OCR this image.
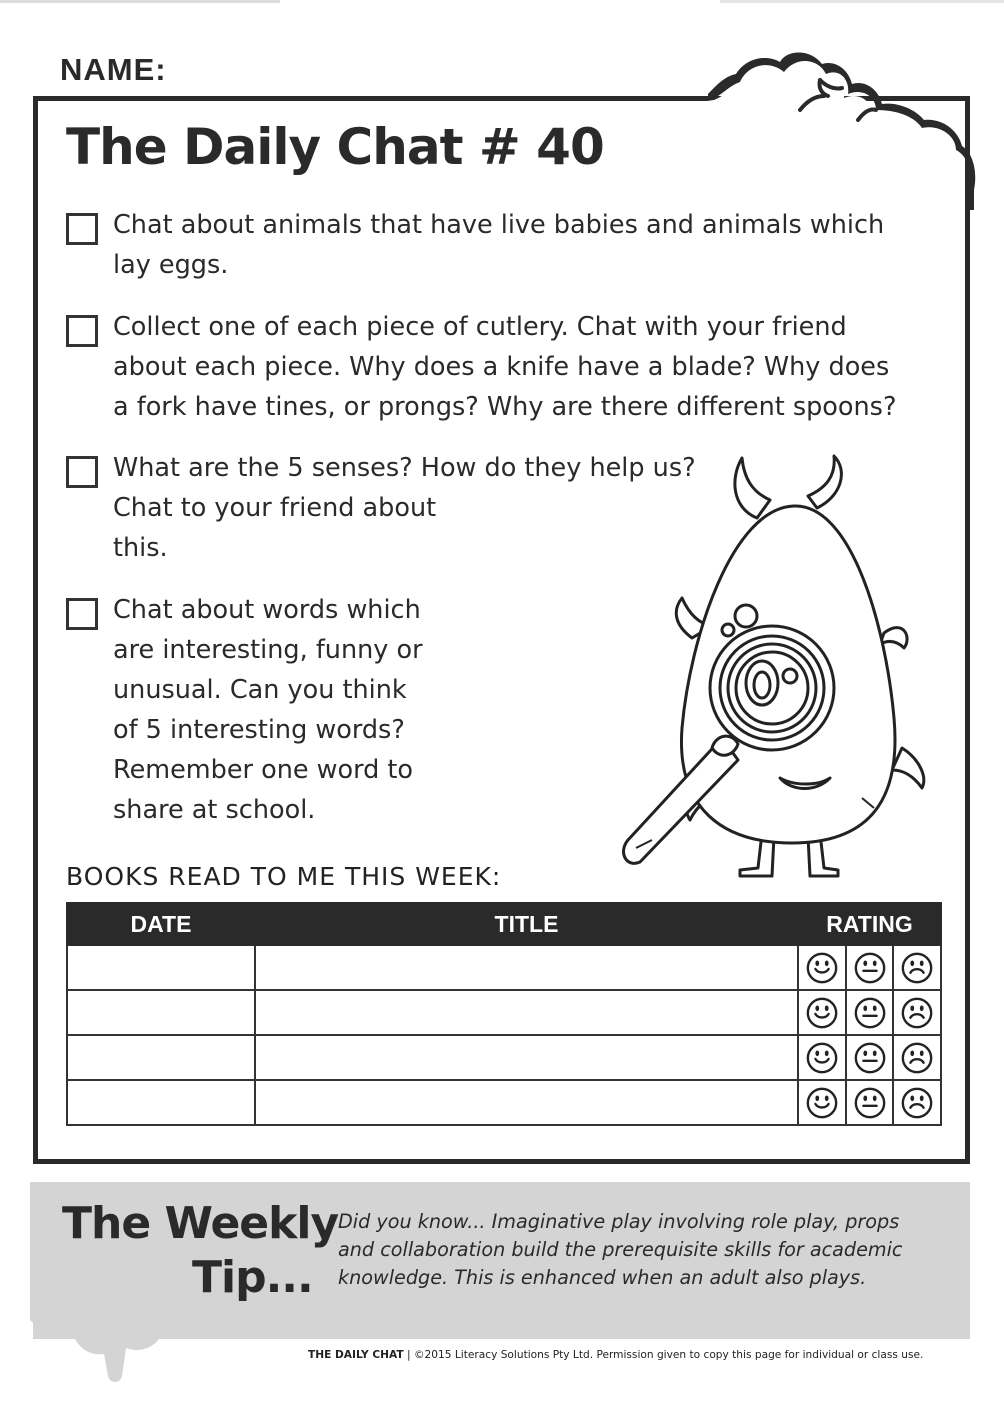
NAME:
The Daily Chat # 40
Chat about animals that have live babies and animals which
lay eggs.
Collect one of each piece of cutlery. Chat with your friend
about each piece. Why does a knife have a blade? Why does
a fork have tines, or prongs? Why are there different spoons?
What are the 5 senses? How do they help us?
Chat to your friend about
this.
Chat about words which
are interesting, funny or
unusual. Can you think
of 5 interesting words?
Remember one word to
share at school.
BOOKS READ TO ME THIS WEEK:
DATE	TITLE	RATING		

The Weekly
Tip...
Did you know... Imaginative play involving role play, props
and collaboration build the prerequisite skills for academic
knowledge. This is enhanced when an adult also plays.
THE DAILY CHAT | ©2015 Literacy Solutions Pty Ltd. Permission given to copy this page for individual or class use.
